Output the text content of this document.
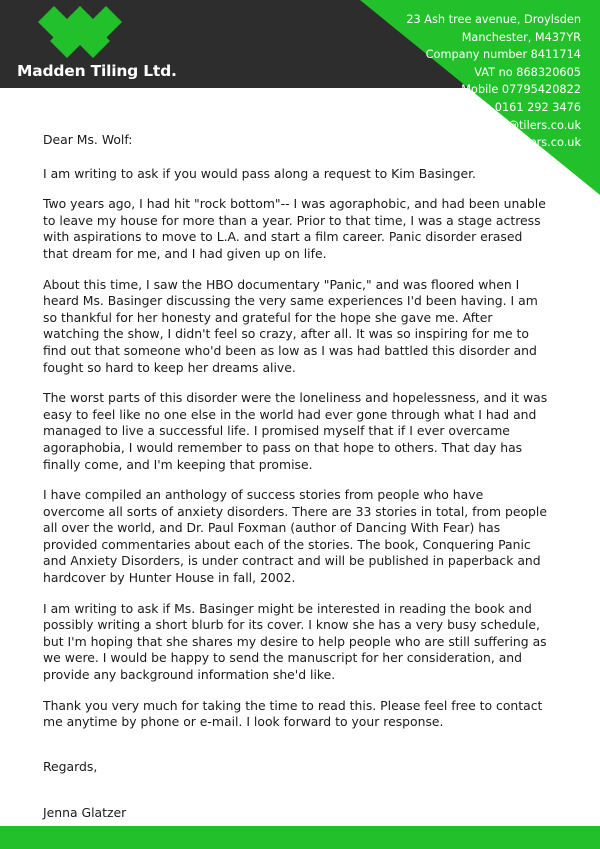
Madden Tiling Ltd.
23 Ash tree avenue, Droylsden
Manchester, M437YR
Company number 8411714
VAT no 868320605
Mobile 07795420822
Office 0161 292 3476
andrew@tilers.co.uk
www.tilers.co.uk

Dear Ms. Wolf:

I am writing to ask if you would pass along a request to Kim Basinger.

Two years ago, I had hit "rock bottom"-- I was agoraphobic, and had been unable to leave my house for more than a year. Prior to that time, I was a stage actress with aspirations to move to L.A. and start a film career. Panic disorder erased that dream for me, and I had given up on life.

About this time, I saw the HBO documentary "Panic," and was floored when I heard Ms. Basinger discussing the very same experiences I'd been having. I am so thankful for her honesty and grateful for the hope she gave me. After watching the show, I didn't feel so crazy, after all. It was so inspiring for me to find out that someone who'd been as low as I was had battled this disorder and fought so hard to keep her dreams alive.

The worst parts of this disorder were the loneliness and hopelessness, and it was easy to feel like no one else in the world had ever gone through what I had and managed to live a successful life. I promised myself that if I ever overcame agoraphobia, I would remember to pass on that hope to others. That day has finally come, and I'm keeping that promise.

I have compiled an anthology of success stories from people who have overcome all sorts of anxiety disorders. There are 33 stories in total, from people all over the world, and Dr. Paul Foxman (author of Dancing With Fear) has provided commentaries about each of the stories. The book, Conquering Panic and Anxiety Disorders, is under contract and will be published in paperback and hardcover by Hunter House in fall, 2002.

I am writing to ask if Ms. Basinger might be interested in reading the book and possibly writing a short blurb for its cover. I know she has a very busy schedule, but I'm hoping that she shares my desire to help people who are still suffering as we were. I would be happy to send the manuscript for her consideration, and provide any background information she'd like.

Thank you very much for taking the time to read this. Please feel free to contact me anytime by phone or e-mail. I look forward to your response.

Regards,

Jenna Glatzer
